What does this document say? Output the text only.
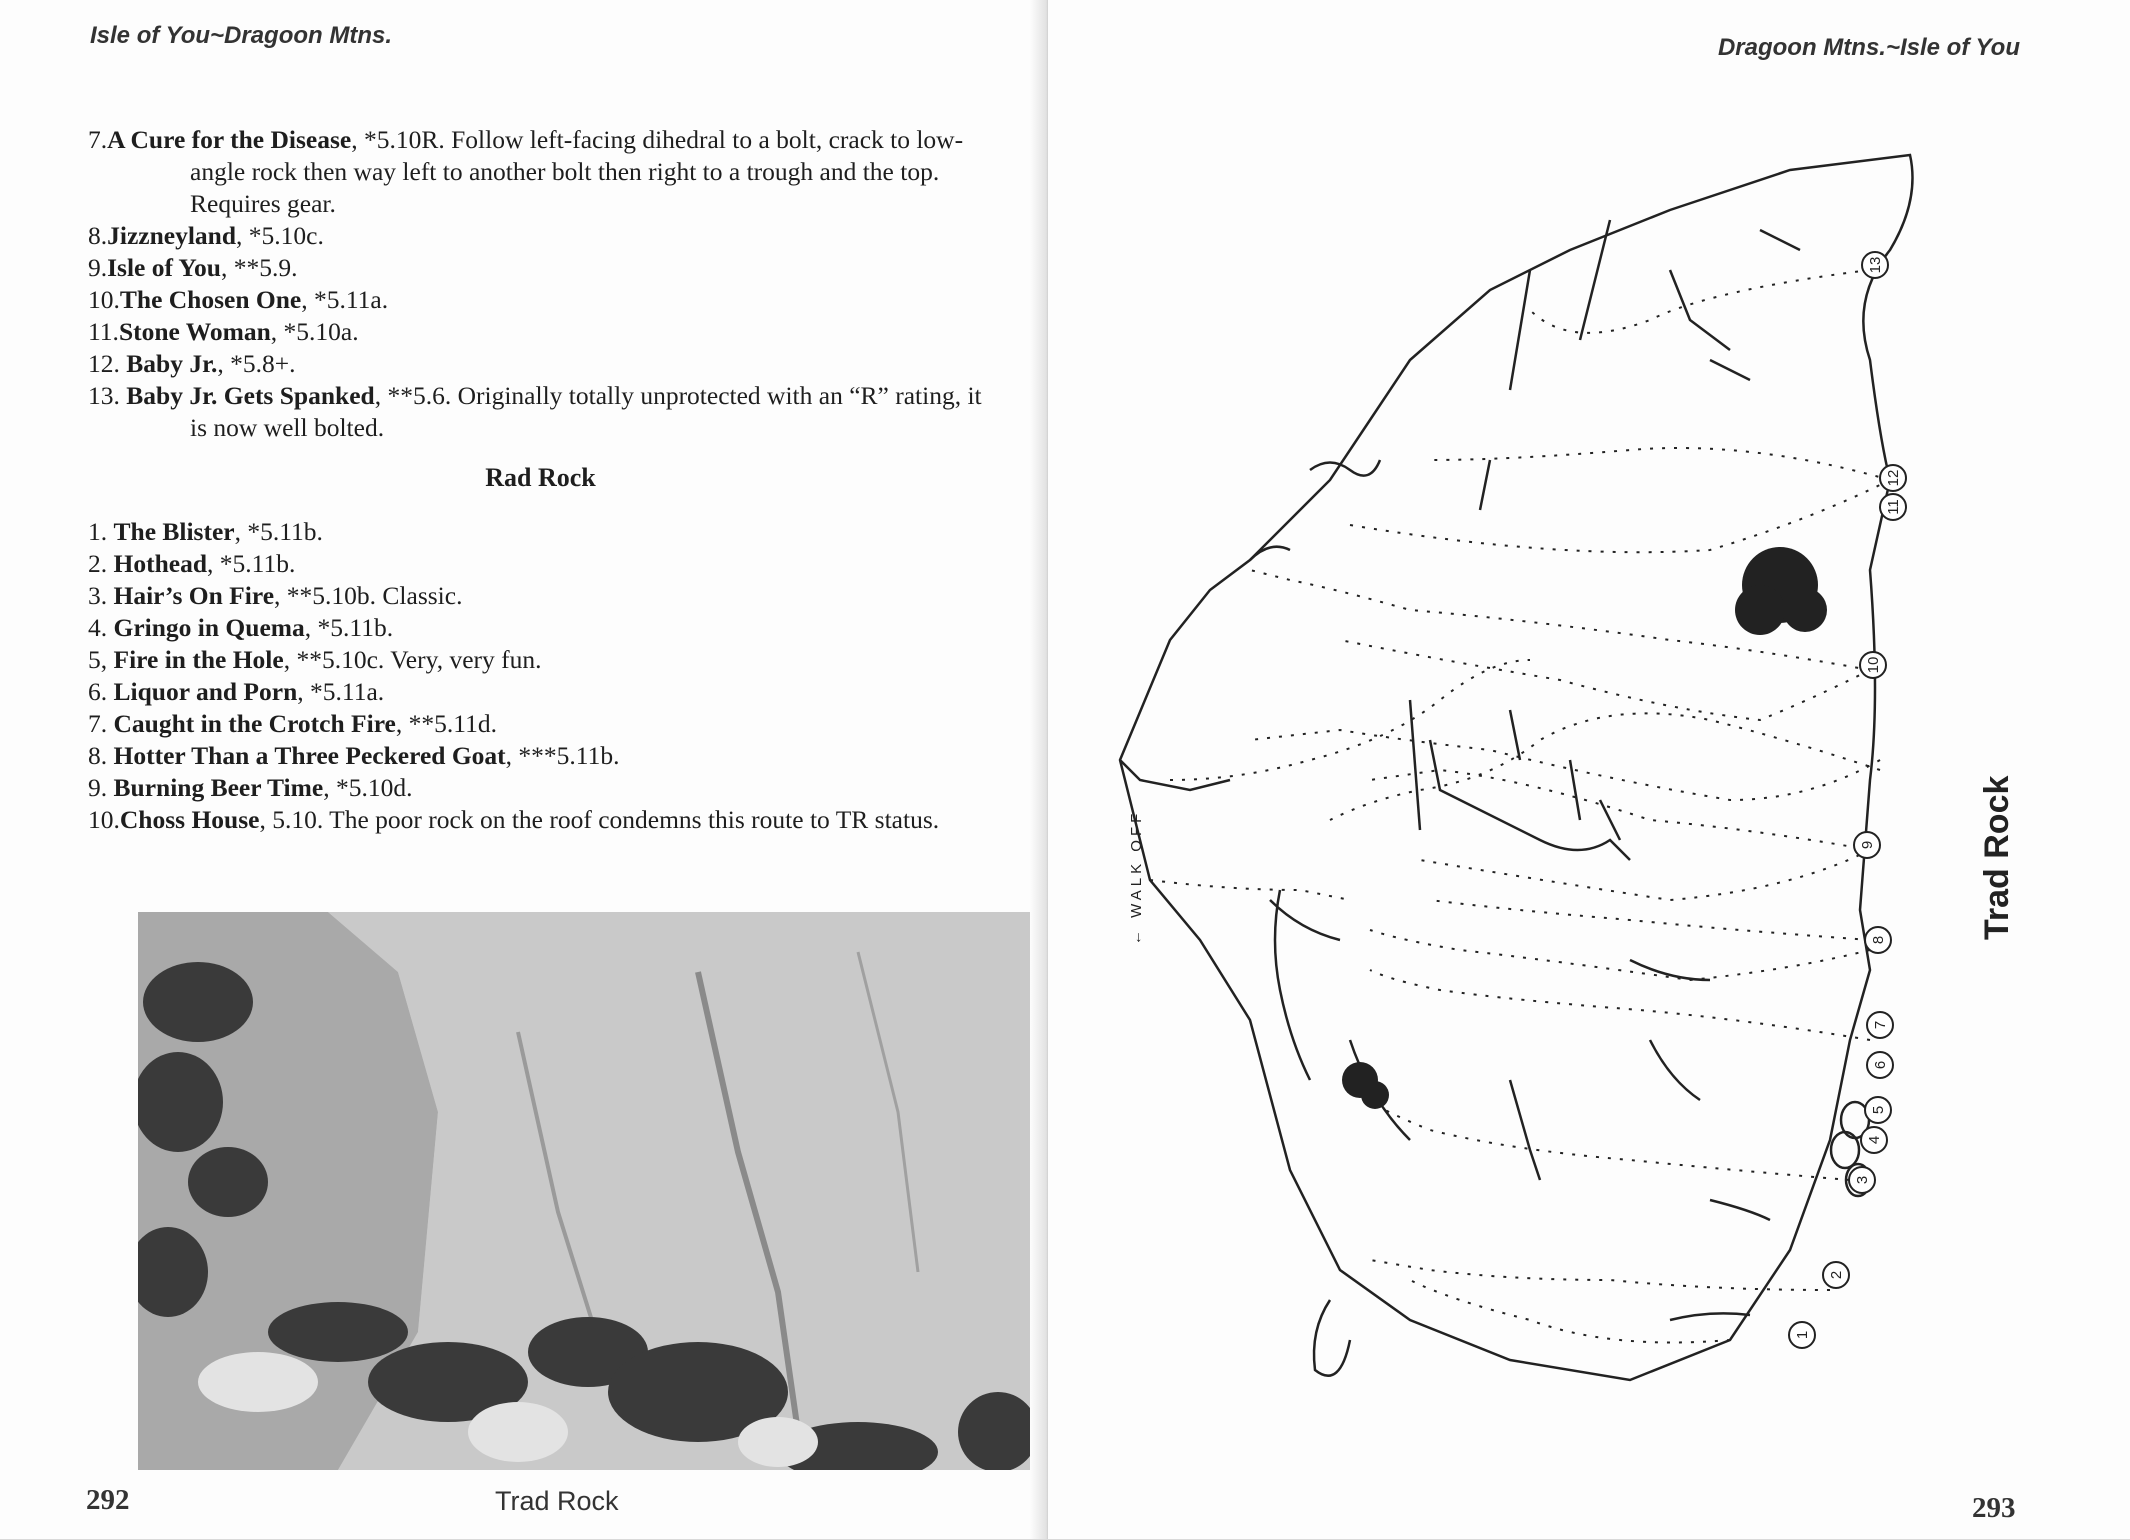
Isle of You~Dragoon Mtns.

7.A Cure for the Disease, *5.10R. Follow left-facing dihedral to a bolt, crack to low- angle rock then way left to another bolt then right to a trough and the top. Requires gear.

8.Jizzneyland, *5.10c.

9.Isle of You, **5.9.

10.The Chosen One, *5.11a.

11.Stone Woman, *5.10a.

12. Baby Jr., *5.8+.

13. Baby Jr. Gets Spanked, **5.6. Originally totally unprotected with an “R” rating, it is now well bolted.

Rad Rock

1. The Blister, *5.11b.

2. Hothead, *5.11b.

3. Hair’s On Fire, **5.10b. Classic.

4. Gringo in Quema, *5.11b.

5, Fire in the Hole, **5.10c. Very, very fun.

6. Liquor and Porn, *5.11a.

7. Caught in the Crotch Fire, **5.11d.

8. Hotter Than a Three Peckered Goat, ***5.11b.

9. Burning Beer Time, *5.10d.

10.Choss House, 5.10. The poor rock on the roof condemns this route to TR status.

Trad Rock
292
Dragoon Mtns.~Isle of You
1
2
3
4
5
6
7
8
9
10
11
12
13
← WALK OFF	Trad Rock
293
